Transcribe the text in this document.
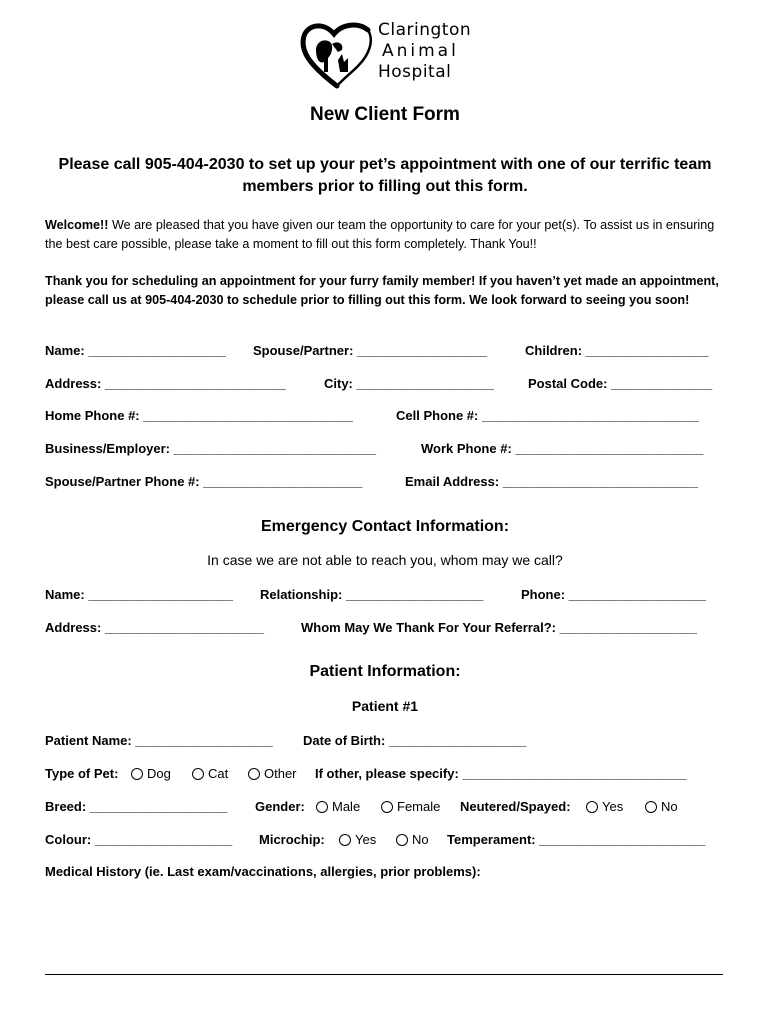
Clarington
Animal
Hospital
New Client Form
Please call 905-404-2030 to set up your pet’s appointment with one of our terrific team members prior to filling out this form.
Welcome!! We are pleased that you have given our team the opportunity to care for your pet(s). To assist us in ensuring the best care possible, please take a moment to fill out this form completely. Thank You!!
Thank you for scheduling an appointment for your furry family member! If you haven’t yet made an appointment, please call us at 905-404-2030 to schedule prior to filling out this form. We look forward to seeing you soon!
Name: ___________________ Spouse/Partner: __________________	Children: _________________
Address: _________________________	City: ___________________	Postal Code: ______________
Home Phone #: _____________________________	Cell Phone #: ______________________________
Business/Employer: ____________________________	Work Phone #: __________________________
Spouse/Partner Phone #: ______________________	Email Address: ___________________________
Emergency Contact Information:
In case we are not able to reach you, whom may we call?
Name: ____________________ Relationship: ___________________	Phone: ___________________
Address: ______________________	Whom May We Thank For Your Referral?: ___________________
Patient Information:
Patient #1
Patient Name: ___________________ Date of Birth: ___________________
Type of Pet:	Dog	Cat	Other If other, please specify: _______________________________
Breed: ___________________ Gender:	Male	Female Neutered/Spayed:	Yes	No
Colour: ___________________ Microchip:	Yes	No Temperament: _______________________
Medical History (ie. Last exam/vaccinations, allergies, prior problems):
